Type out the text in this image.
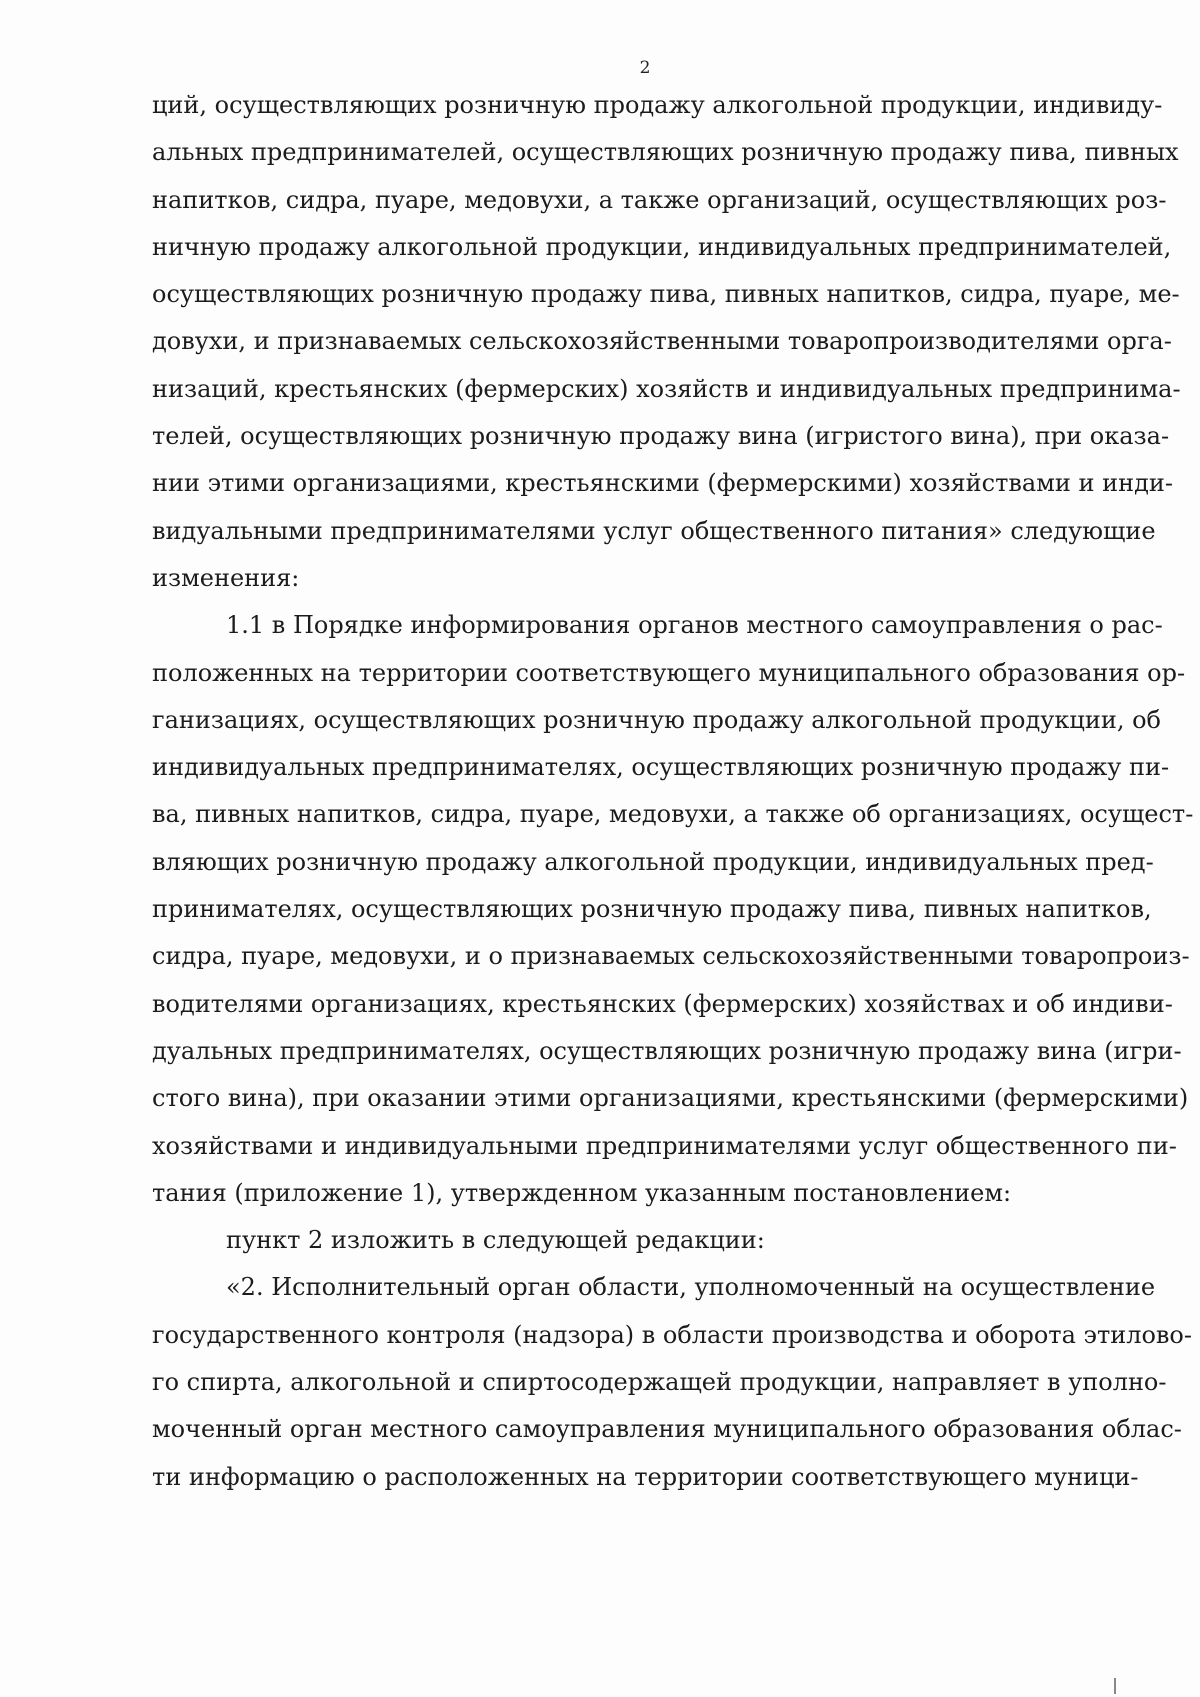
2

ций, осуществляющих розничную продажу алкогольной продукции, индивиду-
альных предпринимателей, осуществляющих розничную продажу пива, пивных
напитков, сидра, пуаре, медовухи, а также организаций, осуществляющих роз-
ничную продажу алкогольной продукции, индивидуальных предпринимателей,
осуществляющих розничную продажу пива, пивных напитков, сидра, пуаре, ме-
довухи, и признаваемых сельскохозяйственными товаропроизводителями орга-
низаций, крестьянских (фермерских) хозяйств и индивидуальных предпринима-
телей, осуществляющих розничную продажу вина (игристого вина), при оказа-
нии этими организациями, крестьянскими (фермерскими) хозяйствами и инди-
видуальными предпринимателями услуг общественного питания» следующие
изменения:

1.1 в Порядке информирования органов местного самоуправления о рас-
положенных на территории соответствующего муниципального образования ор-
ганизациях, осуществляющих розничную продажу алкогольной продукции, об
индивидуальных предпринимателях, осуществляющих розничную продажу пи-
ва, пивных напитков, сидра, пуаре, медовухи, а также об организациях, осущест-
вляющих розничную продажу алкогольной продукции, индивидуальных пред-
принимателях, осуществляющих розничную продажу пива, пивных напитков,
сидра, пуаре, медовухи, и о признаваемых сельскохозяйственными товаропроиз-
водителями организациях, крестьянских (фермерских) хозяйствах и об индиви-
дуальных предпринимателях, осуществляющих розничную продажу вина (игри-
стого вина), при оказании этими организациями, крестьянскими (фермерскими)
хозяйствами и индивидуальными предпринимателями услуг общественного пи-
тания (приложение 1), утвержденном указанным постановлением:

пункт 2 изложить в следующей редакции:

«2. Исполнительный орган области, уполномоченный на осуществление
государственного контроля (надзора) в области производства и оборота этилово-
го спирта, алкогольной и спиртосодержащей продукции, направляет в уполно-
моченный орган местного самоуправления муниципального образования облас-
ти информацию о расположенных на территории соответствующего муници-
